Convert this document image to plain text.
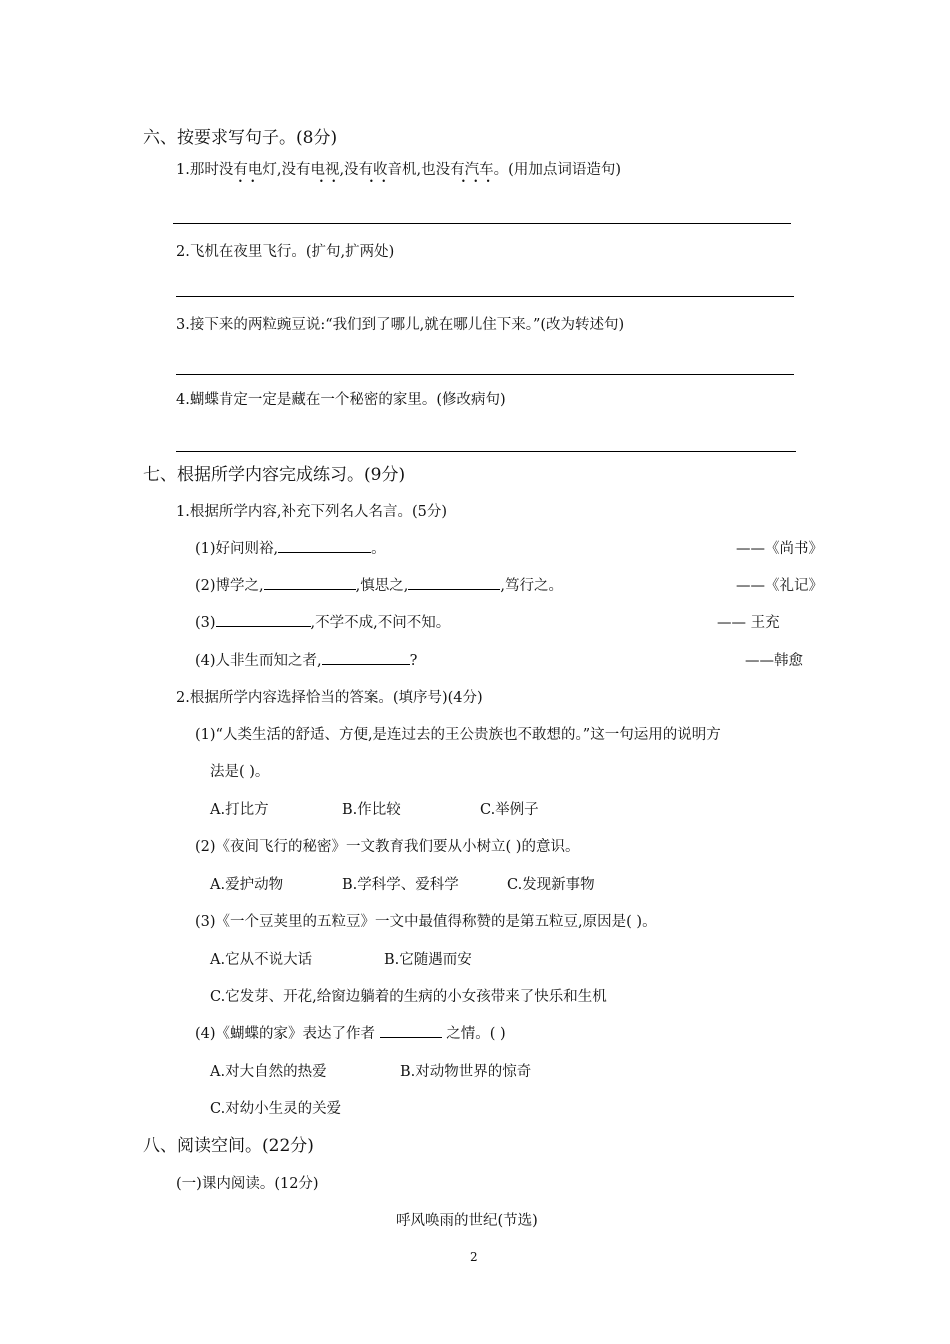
六、按要求写句子。(8分)
1.那时没有电灯,没有电视,没有收音机,也没有汽车。(用加点词语造句)
•   •	•   •	•   •	•   •   •
2.飞机在夜里飞行。(扩句,扩两处)
3.接下来的两粒豌豆说:“我们到了哪儿,就在哪儿住下来。”(改为转述句)
4.蝴蝶肯定一定是藏在一个秘密的家里。(修改病句)
七、根据所学内容完成练习。(9分)
1.根据所学内容,补充下列名人名言。(5分)
(1)好问则裕,	。	——《尚书》
(2)博学之,	,慎思之,	,笃行之。	——《礼记》
(3)	,不学不成,不问不知。	—— 王充
(4)人非生而知之者,	?	——韩愈
2.根据所学内容选择恰当的答案。(填序号)(4分)
(1)“人类生活的舒适、方便,是连过去的王公贵族也不敢想的。”这一句运用的说明方
法是( )。
A.打比方	B.作比较	C.举例子
(2)《夜间飞行的秘密》一文教育我们要从小树立( )的意识。
A.爱护动物	B.学科学、爱科学	C.发现新事物
(3)《一个豆荚里的五粒豆》一文中最值得称赞的是第五粒豆,原因是( )。
A.它从不说大话	B.它随遇而安
C.它发芽、开花,给窗边躺着的生病的小女孩带来了快乐和生机
(4)《蝴蝶的家》表达了作者	之情。( )
A.对大自然的热爱	B.对动物世界的惊奇
C.对幼小生灵的关爱
八、阅读空间。(22分)
(一)课内阅读。(12分)
呼风唤雨的世纪(节选)
2
